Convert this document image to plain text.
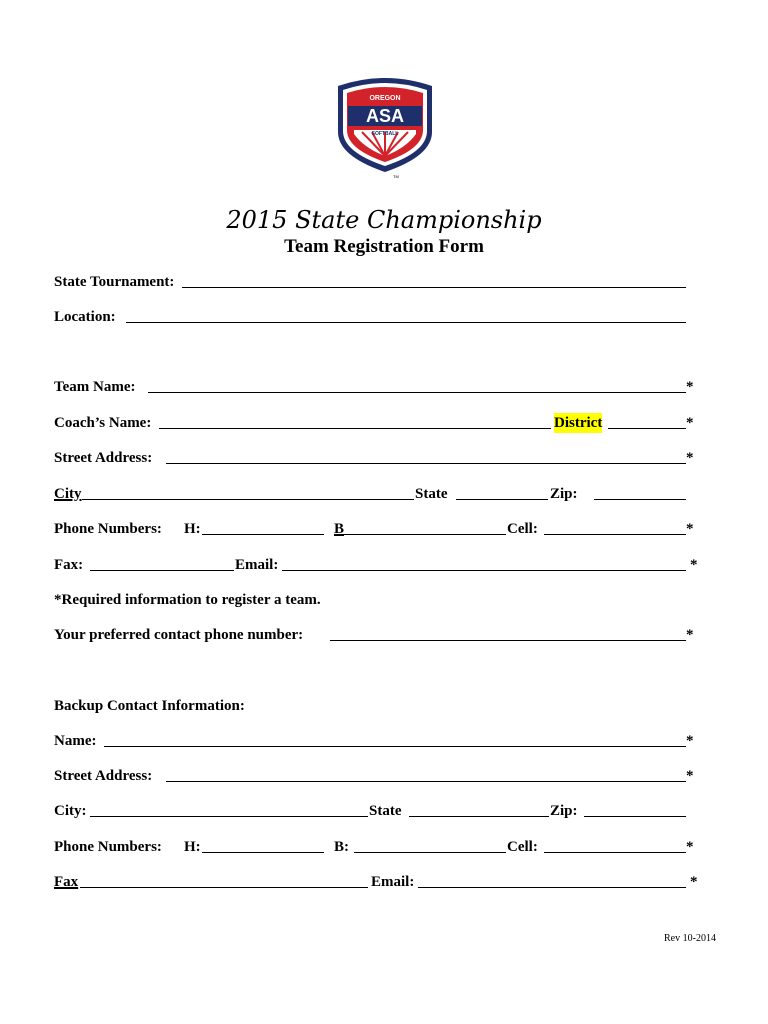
ASA
OREGON
SOFTBALL
TM
2015 State Championship
Team Registration Form
State Tournament:
Location:
Team Name:	*
Coach’s Name:	District	*
Street Address:	*
City	State	Zip:
Phone Numbers: H:	B	Cell:	*
Fax:	Email:	*
*Required information to register a team.
Your preferred contact phone number:	*
Backup Contact Information:
Name:	*
Street Address:	*
City:	State	Zip:
Phone Numbers: H:	B:	Cell:	*
Fax	Email:	*
Rev 10-2014
